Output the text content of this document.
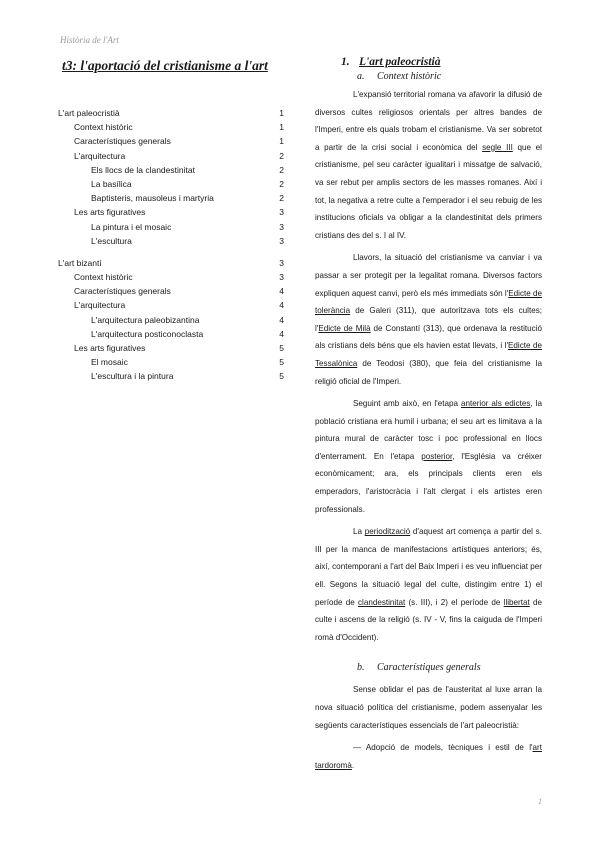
Història de l'Art
t3: l'aportació del cristianisme a l'art
L'art paleocristià	1
Context històric	1
Característiques generals	1
L'arquitectura	2
Els llocs de la clandestinitat	2
La basílica	2
Baptisteris, mausoleus i martyria	2
Les arts figuratives	3
La pintura i el mosaic	3
L'escultura	3
L'art bizantí	3
Context històric	3
Característiques generals	4
L'arquitectura	4
L'arquitectura paleobizantina	4
L'arquitectura posticonoclasta	4
Les arts figuratives	5
El mosaic	5
L'escultura i la pintura	5
1. L'art paleocristià
a. Context històric

L'expansió territorial romana va afavorir la difusió de diversos cultes religiosos orientals per altres bandes de l'Imperi, entre els quals trobam el cristianisme. Va ser sobretot a partir de la crisi social i econòmica del segle III que el cristianisme, pel seu caràcter igualitari i missatge de salvació, va ser rebut per amplis sectors de les masses romanes. Així i tot, la negativa a retre culte a l'emperador i el seu rebuig de les institucions oficials va obligar a la clandestinitat dels primers cristians des del s. I al IV.

Llavors, la situació del cristianisme va canviar i va passar a ser protegit per la legalitat romana. Diversos factors expliquen aquest canvi, però els més immediats són l'Edicte de tolerància de Galeri (311), que autoritzava tots els cultes; l'Edicte de Milà de Constantí (313), que ordenava la restitució als cristians dels béns que els havien estat llevats, i l'Edicte de Tessalònica de Teodosi (380), que feia del cristianisme la religió oficial de l'Imperi.

Seguint amb això, en l'etapa anterior als edictes, la població cristiana era humil i urbana; el seu art es limitava a la pintura mural de caràcter tosc i poc professional en llocs d'enterrament. En l'etapa posterior, l'Església va créixer econòmicament; ara, els principals clients eren els emperadors, l'aristocràcia i l'alt clergat i els artistes eren professionals.

La periodització d'aquest art comença a partir del s. III per la manca de manifestacions artístiques anteriors; és, així, contemporani a l'art del Baix Imperi i es veu influenciat per ell. Segons la situació legal del culte, distingim entre 1) el període de clandestinitat (s. III), i 2) el període de llibertat de culte i ascens de la religió (s. IV - V, fins la caiguda de l'Imperi romà d'Occident).

b. Característiques generals

Sense oblidar el pas de l'austeritat al luxe arran la nova situació política del cristianisme, podem assenyalar les següents característiques essencials de l'art paleocristià:

— Adopció de models, tècniques i estil de l'art tardoromà.

1
